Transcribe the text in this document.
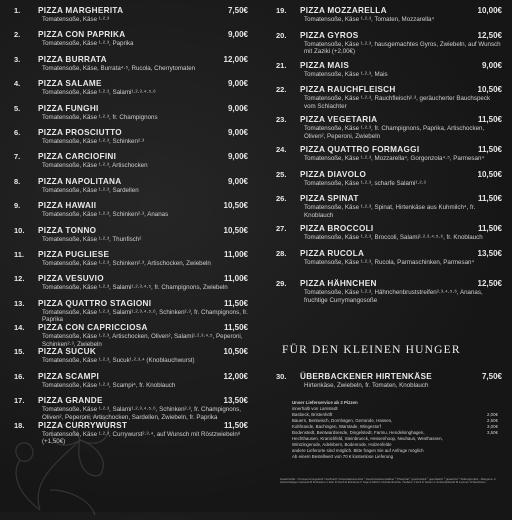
1.	PIZZA MARGHERITA	7,50€
Tomatensoße, Käse ¹·²·³
2.	PIZZA CON PAPRIKA	9,00€
Tomatensoße, Käse ¹·²·³, Paprika
3.	PIZZA BURRATA	12,00€
Tomatensoße, Käse, Burrata⁴·⁵, Rucola, Cherrytomaten
4.	PIZZA SALAME	9,00€
Tomatensoße, Käse ¹·²·³, Salami¹·²·³·⁴·⁵·⁶
5.	PIZZA FUNGHI	9,00€
Tomatensoße, Käse ¹·²·³, fr. Champignons
6.	PIZZA PROSCIUTTO	9,00€
Tomatensoße, Käse ¹·²·³, Schinken²·³
7.	PIZZA CARCIOFINI	9,00€
Tomatensoße, Käse ¹·²·³, Artischocken
8.	PIZZA NAPOLITANA	9,00€
Tomatensoße, Käse ¹·²·³, Sardellen
9.	PIZZA HAWAII	10,50€
Tomatensoße, Käse ¹·²·³, Schinken²·³, Ananas
10.	PIZZA TONNO	10,50€
Tomatensoße, Käse ¹·²·³, Thunfisch²
11.	PIZZA PUGLIESE	11,00€
Tomatensoße, Käse ¹·²·³, Schinken²·³, Artischocken, Zwiebeln
12.	PIZZA VESUVIO	11,00€
Tomatensoße, Käse ¹·²·³, Salami¹·²·³·⁴·⁵, fr. Champignons, Zwiebeln
13.	PIZZA QUATTRO STAGIONI	11,50€
Tomatensoße, Käse ¹·²·³, Salami¹·²·³·⁴·⁵·⁶, Schinken²·³, fr. Champignons, fr. Paprika
14.	PIZZA CON CAPRICCIOSA	11,50€
Tomatensoße, Käse ¹·²·³, Artischocken, Oliven², Salami¹·²·³·⁴·⁵, Peperoni, Schinken²·³, Zwiebeln
15.	PIZZA SUCUK	10,50€
Tomatensoße, Käse ¹·²·³, Sucuk¹·²·³·⁴ (Knoblauchwurst)
16.	PIZZA SCAMPI	12,00€
Tomatensoße, Käse ¹·²·³, Scampi⁴, fr. Knoblauch
17.	PIZZA GRANDE	13,50€
Tomatensoße, Käse ¹·²·³, Salami¹·²·³·⁴·⁵·⁶, Schinken²·³, fr. Champignons, Oliven², Peperoni, Artischocken, Sardellen, Zwiebeln, fr. Paprika
18.	PIZZA CURRYWURST	11,50€
Tomatensoße, Käse ¹·²·³, Currywurst²·³·⁴, auf Wunsch mit Röstzwiebeln⁸ (+1,50€)
19.	PIZZA MOZZARELLA	10,00€
Tomatensoße, Käse ¹·²·³, Tomaten, Mozzarella⁴
20.	PIZZA GYROS	12,50€
Tomatensoße, Käse ¹·²·³, hausgemachtes Gyros, Zwiebeln, auf Wunsch mit Zaziki (+2,00€)
21.	PIZZA MAIS	9,00€
Tomatensoße, Käse ¹·²·³, Mais
22.	PIZZA RAUCHFLEISCH	10,50€
Tomatensoße, Käse ¹·²·³, Rauchfleisch²·³, geräucherter Bauchspeck vom Schlachter
23.	PIZZA VEGETARIA	11,50€
Tomatensoße, Käse ¹·²·³, fr. Champignons, Paprika, Artischocken, Oliven², Peperoni, Zwiebeln
24.	PIZZA QUATTRO FORMAGGI	11,50€
Tomatensoße, Käse ¹·²·³, Mozzarella⁴, Gorgonzola⁴·⁵, Parmesan⁴
25.	PIZZA DIAVOLO	10,50€
Tomatensoße, Käse ¹·²·³, scharfe Salami¹·²·³
26.	PIZZA SPINAT	11,50€
Tomatensoße, Käse ¹·²·³, Spinat, Hirtenkäse aus Kuhmilch⁴, fr. Knoblauch
27.	PIZZA BROCCOLI	11,50€
Tomatensoße, Käse ¹·²·³, Broccoli, Salami¹·²·³·⁴·⁵·⁶, fr. Knoblauch
28.	PIZZA RUCOLA	13,50€
Tomatensoße, Käse ¹·²·³, Rucola, Parmaschinken, Parmesan⁴
29.	PIZZA HÄHNCHEN	12,50€
Tomatensoße, Käse ¹·²·³, Hähnchenbruststreifen²·³·⁴·⁵·⁶, Ananas, fruchtige Currymangosoße
FÜR DEN KLEINEN HUNGER
30.	ÜBERBACKENER HIRTENKÄSE	7,50€
Hirtenkäse, Zwiebeln, fr. Tomaten, Knoblauch
Unser Lieferservice ab 2 Pizzen
innerhalb von Lamstedt
Basbeck, Bristenhöft	2,00€
Bauern, Bentwisch, Dornhagen, Gerrande, Hassen,	2,50€
Kolthrande, Bachingen, Warstade, Wingestorf	3,00€
Bodenstedt, Bentwardsende, Dingelstedt, Farmu, Hendelsinghagen,	3,50€
Hechthausen, Kranichfeld, Steinbrueck, Hessenhoop, Neuhaus, Westhassen,
Wintzingerode, Adelsbern, Bodenrode, Holzenfelde
andere Lieferorte sind möglich. Bitte fragen Sie auf Anfrage möglich
Ab einem Bestellwert von 70 € kostenlose Lieferung
Zusatzstoffe: ¹ Konservierungsstoff ² Farbstoff ³ Antioxidationsmittel ⁴ Geschmacksverstärker ⁵ Phosphat ⁶ geschwefelt ⁷ geschwärzt ⁸ gewachst ⁹ Süßungsmittel · Allergene: A Glutenhaltiges Getreide B Krebstiere C Eier D Fisch E Erdnüsse F Soja G Milch H Schalenfrüchte I Sellerie J Senf K Sesam L Schwefeldioxid M Lupinen N Weichtiere
